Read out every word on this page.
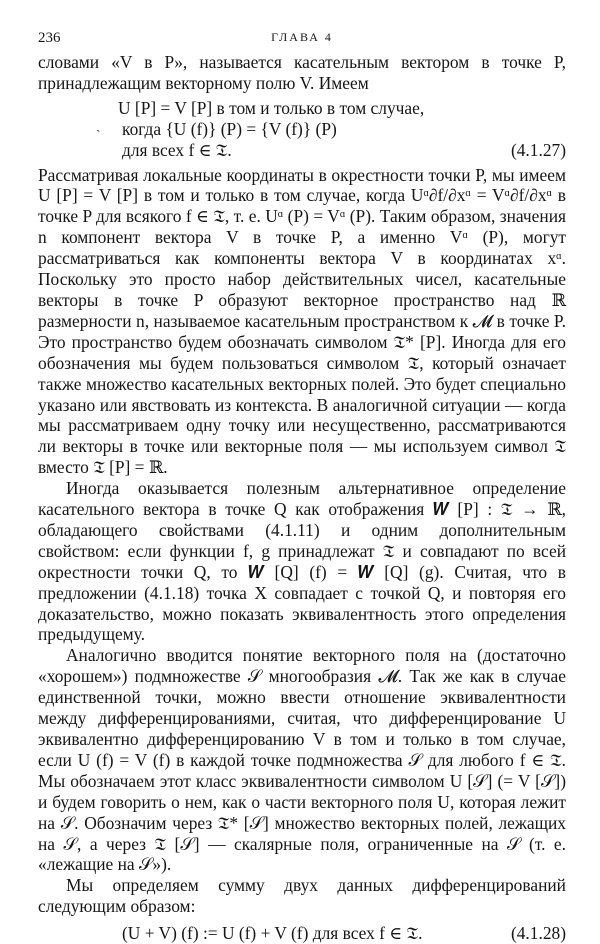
236	ГЛАВА 4

словами «V в P», называется касательным вектором в точке P, принадлежащим векторному полю V. Имеем

ˎ
U [P] = V [P] в том и только в том случае,
когда {U (f)} (P) = {V (f)} (P)
для всех f ∈ 𝔗.	(4.1.27)

Рассматривая локальные координаты в окрестности точки P, мы имеем U [P] = V [P] в том и только в том случае, когда Uᵅ∂f/∂xᵅ = Vᵅ∂f/∂xᵅ в точке P для всякого f ∈ 𝔗, т. е. Uᵅ (P) = Vᵅ (P). Таким образом, значения n компонент вектора V в точке P, а именно Vᵅ (P), могут рассматриваться как компоненты вектора V в координатах xᵅ. Поскольку это просто набор действительных чисел, касательные векторы в точке P образуют векторное пространство над ℝ размерности n, называемое касательным пространством к 𝓜 в точке P. Это пространство будем обозначать символом 𝔗* [P]. Иногда для его обозначения мы будем пользоваться символом 𝔗, который означает также множество касательных векторных полей. Это будет специально указано или явствовать из контекста. В аналогичной ситуации — когда мы рассматриваем одну точку или несущественно, рассматриваются ли векторы в точке или векторные поля — мы используем символ 𝔗 вместо 𝔗 [P] = ℝ.

Иногда оказывается полезным альтернативное определение касательного вектора в точке Q как отображения 𝑾 [P] : 𝔗 → ℝ, обладающего свойствами (4.1.11) и одним дополнительным свойством: если функции f, g принадлежат 𝔗 и совпадают по всей окрестности точки Q, то 𝑾 [Q] (f) = 𝑾 [Q] (g). Считая, что в предложении (4.1.18) точка X совпадает с точкой Q, и повторяя его доказательство, можно показать эквивалентность этого определения предыдущему.

Аналогично вводится понятие векторного поля на (достаточно «хорошем») подмножестве 𝒮 многообразия 𝓜. Так же как в случае единственной точки, можно ввести отношение эквивалентности между дифференцированиями, считая, что дифференцирование U эквивалентно дифференцированию V в том и только в том случае, если U (f) = V (f) в каждой точке подмножества 𝒮 для любого f ∈ 𝔗. Мы обозначаем этот класс эквивалентности символом U [𝒮] (= V [𝒮]) и будем говорить о нем, как о части векторного поля U, которая лежит на 𝒮. Обозначим через 𝔗* [𝒮] множество векторных полей, лежащих на 𝒮, а через 𝔗 [𝒮] — скалярные поля, ограниченные на 𝒮 (т. е. «лежащие на 𝒮»).

Мы определяем сумму двух данных дифференцирований следующим образом:

(U + V) (f) := U (f) + V (f) для всех f ∈ 𝔗.	(4.1.28)
